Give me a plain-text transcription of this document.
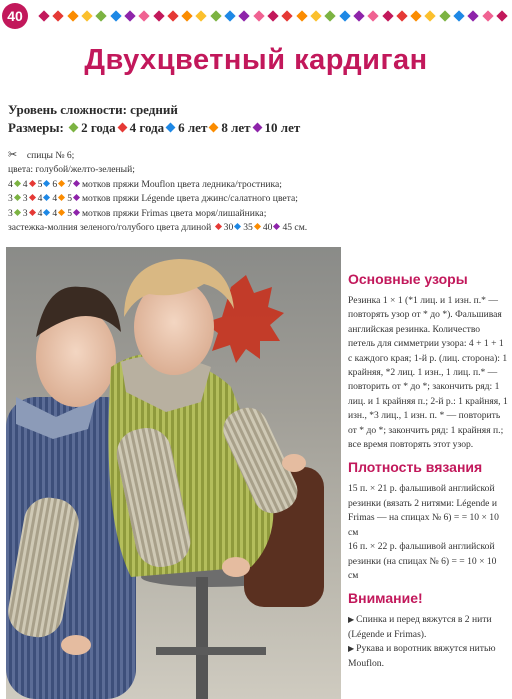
40
Двухцветный кардиган
Уровень сложности: средний
Размеры: 2 года 4 года 6 лет 8 лет 10 лет
✂ спицы № 6;
цвета: голубой/желто-зеленый;
4 4 5 6 7 мотков пряжи Mouflon цвета ледника/тростника;
3 3 4 4 5 мотков пряжи Légende цвета джинс/салатного цвета;
3 3 4 4 5 мотков пряжи Frimas цвета моря/лишайника;
застежка-молния зеленого/голубого цвета длиной 30 35 40 45 см.
Основные узоры

Резинка 1 × 1 (*1 лиц. и 1 изн. п.* — повторять узор от * до *). Фальшивая английская резинка. Количество петель для симметрии узора: 4 + 1 + 1 с каждого края; 1-й р. (лиц. сторона): 1 крайняя, *2 лиц. 1 изн., 1 лиц. п.* — повторить от * до *; закончить ряд: 1 лиц. и 1 крайняя п.; 2-й р.: 1 крайняя, 1 изн., *3 лиц., 1 изн. п. * — повторить от * до *; закончить ряд: 1 крайняя п.; все время повторять этот узор.

Плотность вязания

15 п. × 21 р. фальшивой английской резинки (вязать 2 нитями: Légende и Frimas — на спицах № 6) = = 10 × 10 см

16 п. × 22 р. фальшивой английской резинки (на спицах № 6) = = 10 × 10 см

Внимание!

▶ Спинка и перед вяжутся в 2 нити (Légende и Frimas).

▶ Рукава и воротник вяжутся нитью Mouflon.
